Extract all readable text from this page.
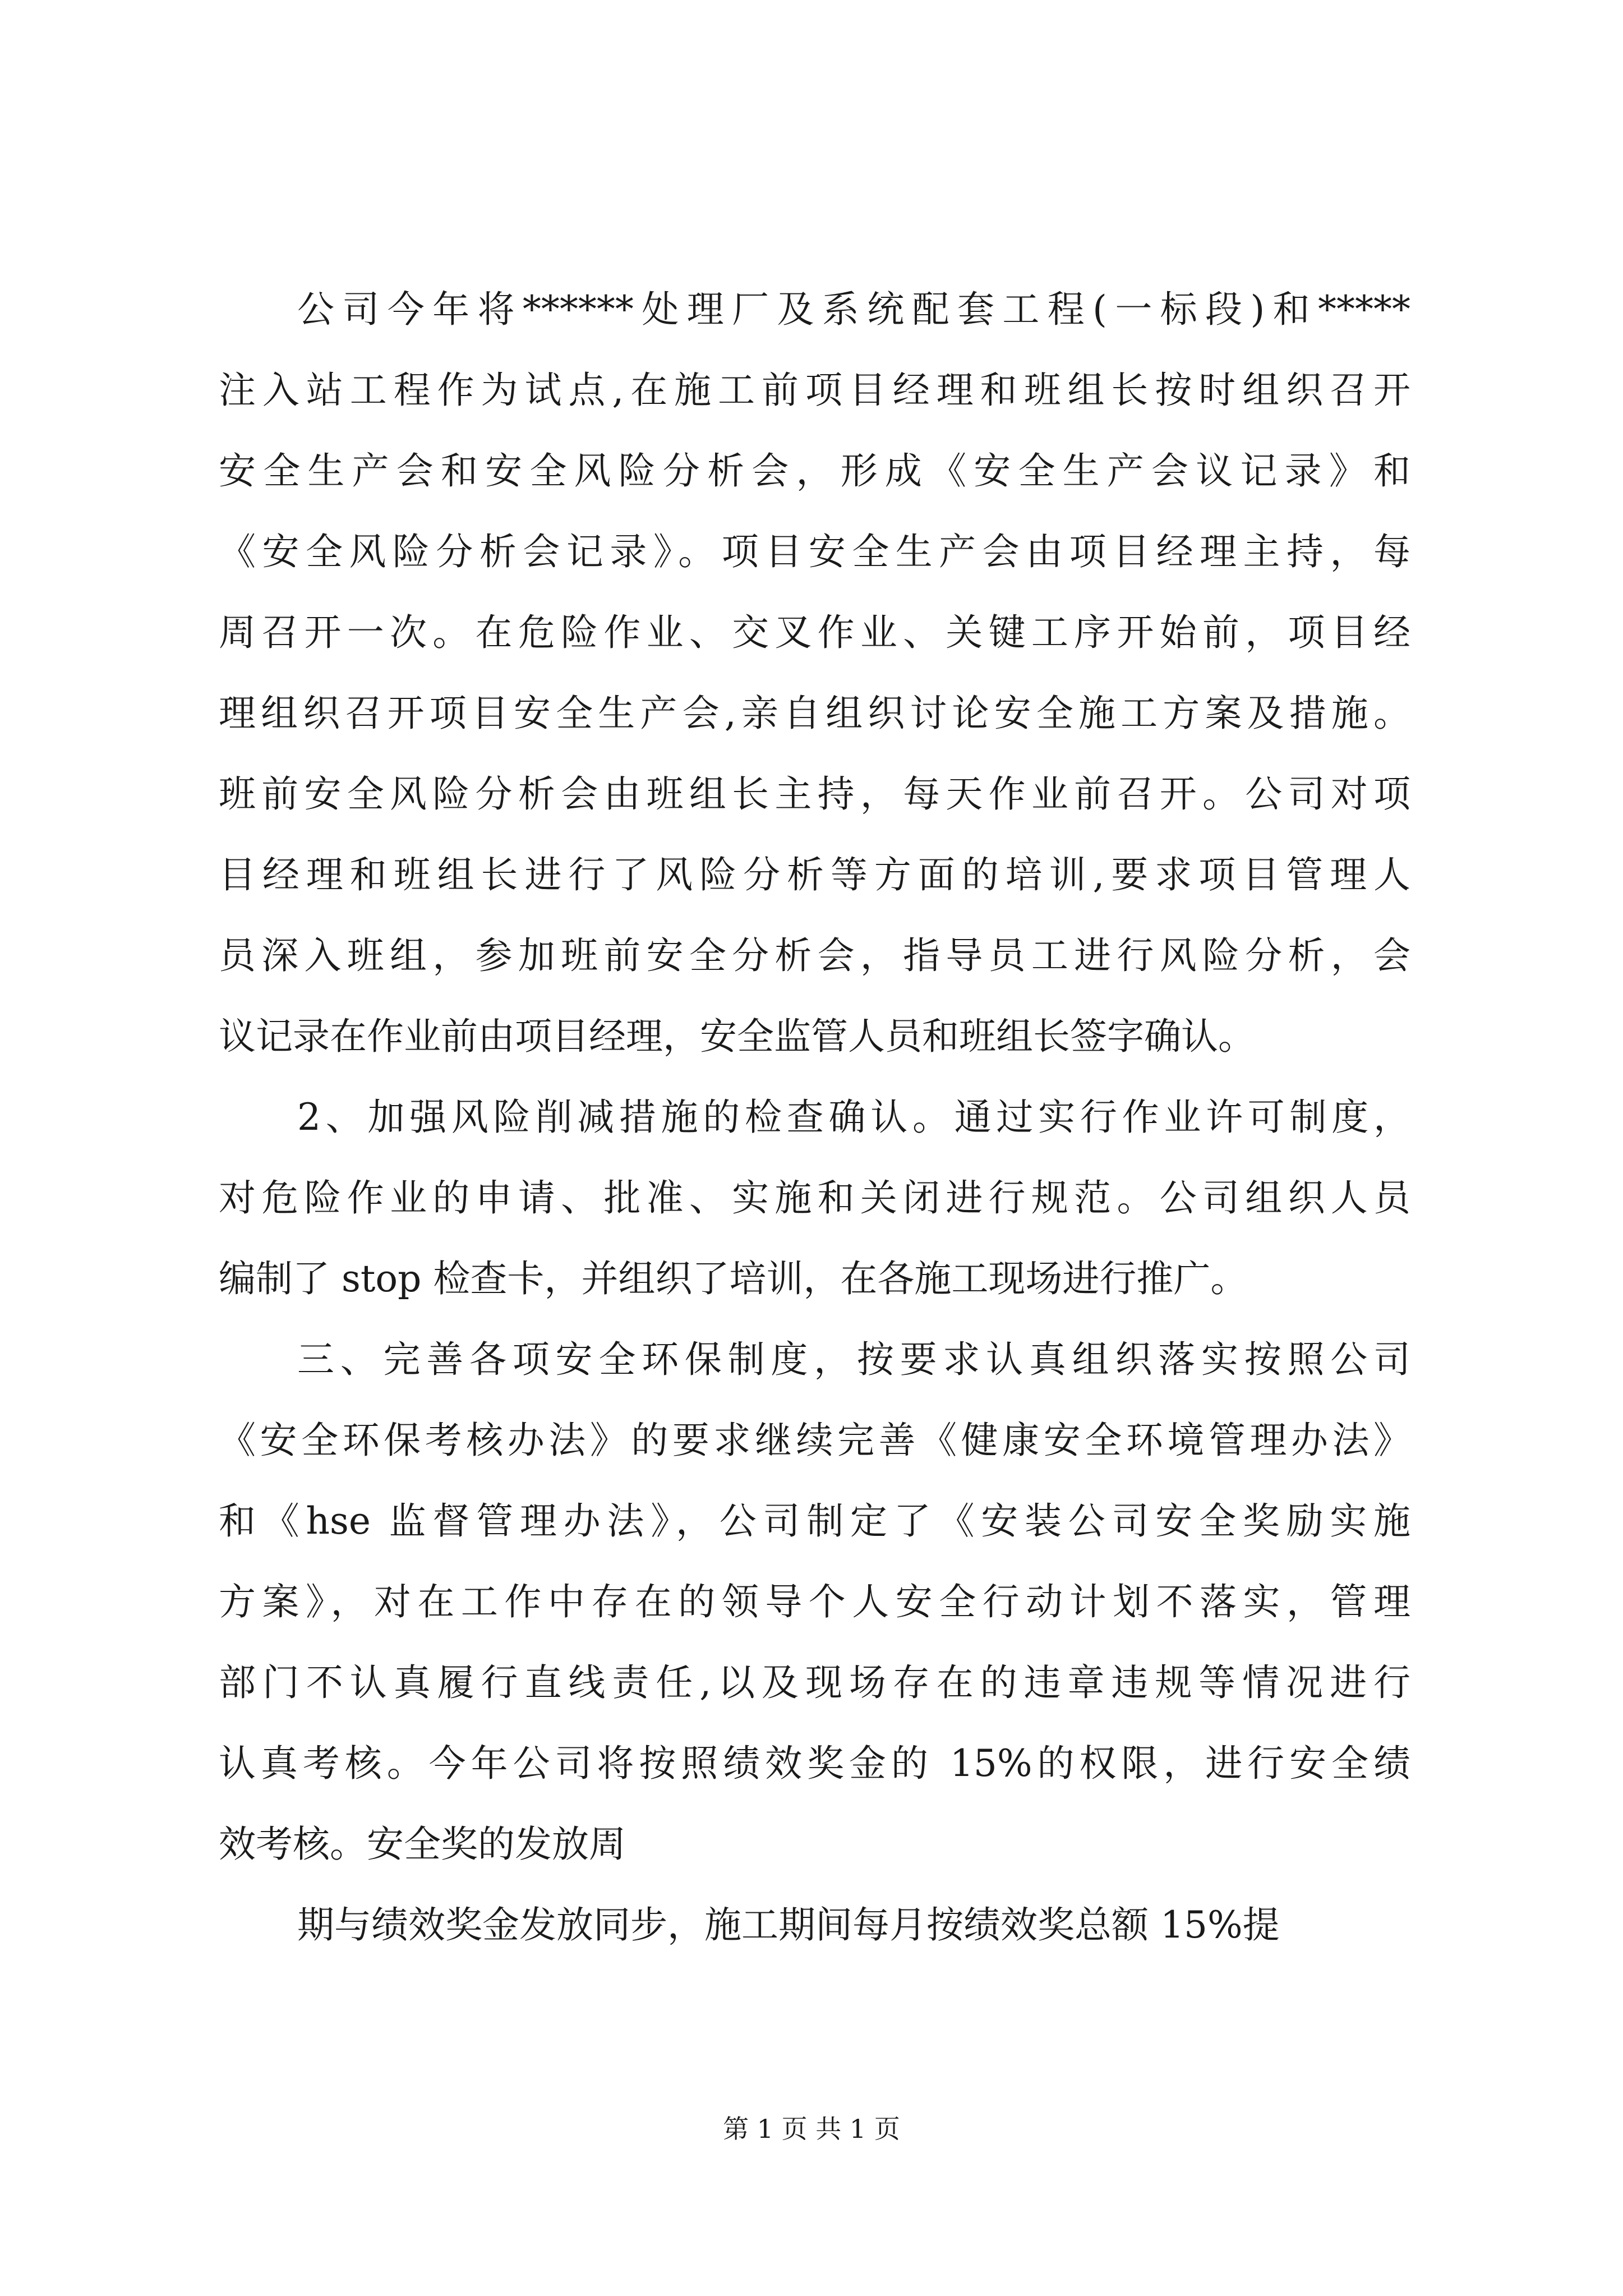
公司今年将******处理厂及系统配套工程(一标段)和*****
注入站工程作为试点,在施工前项目经理和班组长按时组织召开
安全生产会和安全风险分析会，形成《安全生产会议记录》和
《安全风险分析会记录》。项目安全生产会由项目经理主持，每
周召开一次。在危险作业、交叉作业、关键工序开始前，项目经
理组织召开项目安全生产会,亲自组织讨论安全施工方案及措施。
班前安全风险分析会由班组长主持，每天作业前召开。公司对项
目经理和班组长进行了风险分析等方面的培训,要求项目管理人
员深入班组，参加班前安全分析会，指导员工进行风险分析，会
议记录在作业前由项目经理，安全监管人员和班组长签字确认。
2、加强风险削减措施的检查确认。通过实行作业许可制度，
对危险作业的申请、批准、实施和关闭进行规范。公司组织人员
编制了 stop 检查卡，并组织了培训，在各施工现场进行推广。
三、完善各项安全环保制度，按要求认真组织落实按照公司
《安全环保考核办法》的要求继续完善《健康安全环境管理办法》
和《hse 监督管理办法》，公司制定了《安装公司安全奖励实施
方案》，对在工作中存在的领导个人安全行动计划不落实，管理
部门不认真履行直线责任,以及现场存在的违章违规等情况进行
认真考核。今年公司将按照绩效奖金的 15%的权限，进行安全绩
效考核。安全奖的发放周
期与绩效奖金发放同步，施工期间每月按绩效奖总额 15%提
第 1 页 共 1 页
